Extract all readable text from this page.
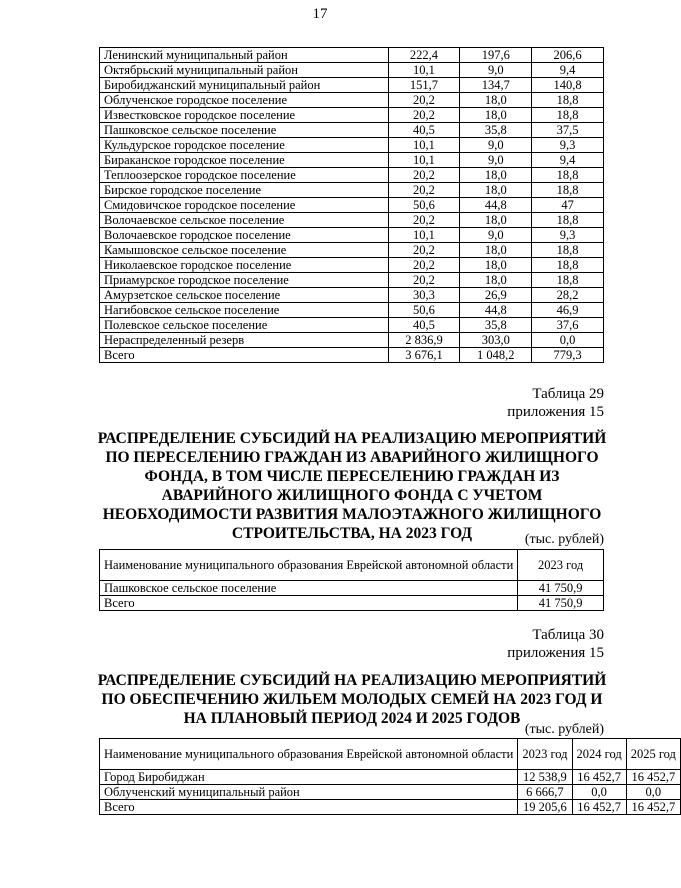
17
Ленинский муниципальный район	222,4	197,6	206,6
Октябрьский муниципальный район	10,1	9,0	9,4
Биробиджанский муниципальный район	151,7	134,7	140,8
Облученское городское поселение	20,2	18,0	18,8
Известковское городское поселение	20,2	18,0	18,8
Пашковское сельское поселение	40,5	35,8	37,5
Кульдурское городское поселение	10,1	9,0	9,3
Бираканское городское поселение	10,1	9,0	9,4
Теплоозерское городское поселение	20,2	18,0	18,8
Бирское городское поселение	20,2	18,0	18,8
Смидовичское городское поселение	50,6	44,8	47
Волочаевское сельское поселение	20,2	18,0	18,8
Волочаевское городское поселение	10,1	9,0	9,3
Камышовское сельское поселение	20,2	18,0	18,8
Николаевское городское поселение	20,2	18,0	18,8
Приамурское городское поселение	20,2	18,0	18,8
Амурзетское сельское поселение	30,3	26,9	28,2
Нагибовское сельское поселение	50,6	44,8	46,9
Полевское сельское поселение	40,5	35,8	37,6
Нераспределенный резерв	2 836,9	303,0	0,0
Всего	3 676,1	1 048,2	779,3
Таблица 29
приложения 15
РАСПРЕДЕЛЕНИЕ СУБСИДИЙ НА РЕАЛИЗАЦИЮ МЕРОПРИЯТИЙ ПО ПЕРЕСЕЛЕНИЮ ГРАЖДАН ИЗ АВАРИЙНОГО ЖИЛИЩНОГО ФОНДА, В ТОМ ЧИСЛЕ ПЕРЕСЕЛЕНИЮ ГРАЖДАН ИЗ АВАРИЙНОГО ЖИЛИЩНОГО ФОНДА С УЧЕТОМ НЕОБХОДИМОСТИ РАЗВИТИЯ МАЛОЭТАЖНОГО ЖИЛИЩНОГО СТРОИТЕЛЬСТВА, НА 2023 ГОД	(тыс. рублей)
Наименование муниципального образования Еврейской автономной области	2023 год
Пашковское сельское поселение	41 750,9
Всего	41 750,9
Таблица 30
приложения 15
РАСПРЕДЕЛЕНИЕ СУБСИДИЙ НА РЕАЛИЗАЦИЮ МЕРОПРИЯТИЙ ПО ОБЕСПЕЧЕНИЮ ЖИЛЬЕМ МОЛОДЫХ СЕМЕЙ НА 2023 ГОД И НА ПЛАНОВЫЙ ПЕРИОД 2024 И 2025 ГОДОВ
(тыс. рублей)
Наименование муниципального образования Еврейской автономной области	2023 год	2024 год	2025 год
Город Биробиджан	12 538,9	16 452,7	16 452,7
Облученский муниципальный район	6 666,7	0,0	0,0
Всего	19 205,6	16 452,7	16 452,7
